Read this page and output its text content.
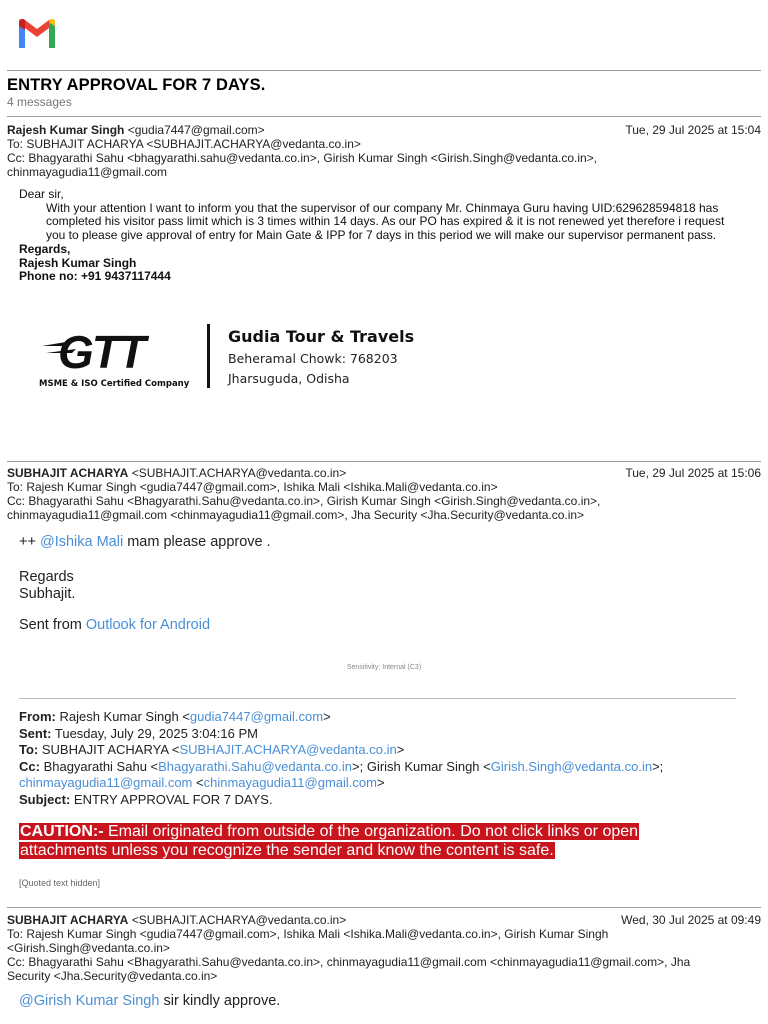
ENTRY APPROVAL FOR 7 DAYS.
4 messages
Rajesh Kumar Singh <gudia7447@gmail.com>	Tue, 29 Jul 2025 at 15:04
To: SUBHAJIT ACHARYA <SUBHAJIT.ACHARYA@vedanta.co.in>
Cc: Bhagyarathi Sahu <bhagyarathi.sahu@vedanta.co.in>, Girish Kumar Singh <Girish.Singh@vedanta.co.in>,
chinmayagudia11@gmail.com

Dear sir,

With your attention I want to inform you that the supervisor of our company Mr. Chinmaya Guru having UID:629628594818 has completed his visitor pass limit which is 3 times within 14 days. As our PO has expired & it is not renewed yet therefore i request you to please give approval of entry for Main Gate & IPP for 7 days in this period we will make our supervisor permanent pass.

Regards,

Rajesh Kumar Singh

Phone no: +91 9437117444

GTT
MSME & ISO Certified Company
Gudia Tour & Travels
Beheramal Chowk: 768203
Jharsuguda, Odisha
SUBHAJIT ACHARYA <SUBHAJIT.ACHARYA@vedanta.co.in>	Tue, 29 Jul 2025 at 15:06
To: Rajesh Kumar Singh <gudia7447@gmail.com>, Ishika Mali <Ishika.Mali@vedanta.co.in>
Cc: Bhagyarathi Sahu <Bhagyarathi.Sahu@vedanta.co.in>, Girish Kumar Singh <Girish.Singh@vedanta.co.in>,
chinmayagudia11@gmail.com <chinmayagudia11@gmail.com>, Jha Security <Jha.Security@vedanta.co.in>
++ @Ishika Mali mam please approve .
Regards
Subhajit.
Sent from Outlook for Android
Sensitivity: Internal (C3)
From: Rajesh Kumar Singh <gudia7447@gmail.com>
Sent: Tuesday, July 29, 2025 3:04:16 PM
To: SUBHAJIT ACHARYA <SUBHAJIT.ACHARYA@vedanta.co.in>
Cc: Bhagyarathi Sahu <Bhagyarathi.Sahu@vedanta.co.in>; Girish Kumar Singh <Girish.Singh@vedanta.co.in>;
chinmayagudia11@gmail.com <chinmayagudia11@gmail.com>
Subject: ENTRY APPROVAL FOR 7 DAYS.
CAUTION:- Email originated from outside of the organization. Do not click links or open attachments unless you recognize the sender and know the content is safe.
[Quoted text hidden]
SUBHAJIT ACHARYA <SUBHAJIT.ACHARYA@vedanta.co.in>	Wed, 30 Jul 2025 at 09:49
To: Rajesh Kumar Singh <gudia7447@gmail.com>, Ishika Mali <Ishika.Mali@vedanta.co.in>, Girish Kumar Singh
<Girish.Singh@vedanta.co.in>
Cc: Bhagyarathi Sahu <Bhagyarathi.Sahu@vedanta.co.in>, chinmayagudia11@gmail.com <chinmayagudia11@gmail.com>, Jha
Security <Jha.Security@vedanta.co.in>
@Girish Kumar Singh sir kindly approve.
